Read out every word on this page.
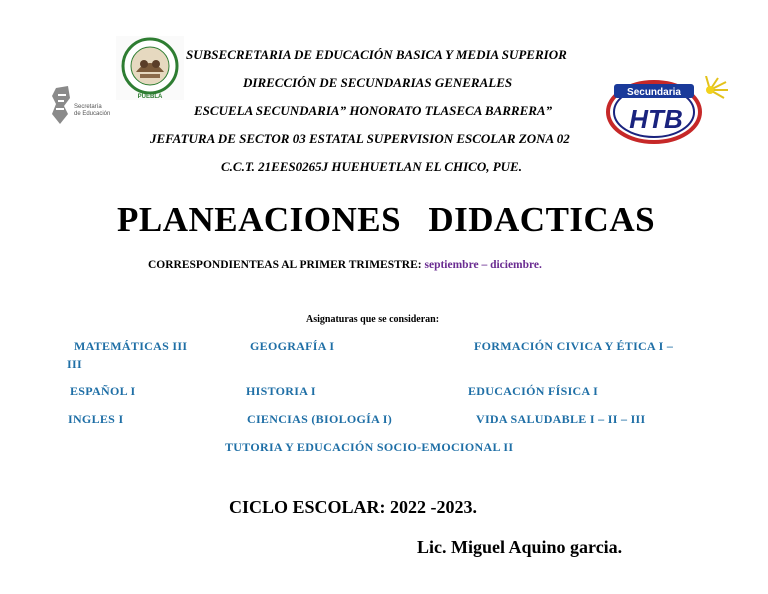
Secretaría
de Educación
PUEBLA	Secundaria
HTB
SUBSECRETARIA DE EDUCACIÓN BASICA Y MEDIA SUPERIOR
DIRECCIÓN DE SECUNDARIAS GENERALES
ESCUELA SECUNDARIA” HONORATO TLASECA BARRERA”
JEFATURA DE SECTOR 03 ESTATAL SUPERVISION ESCOLAR ZONA 02
C.C.T. 21EES0265J HUEHUETLAN EL CHICO, PUE.
PLANEACIONES DIDACTICAS
CORRESPONDIENTEAS AL PRIMER TRIMESTRE: septiembre – diciembre.
Asignaturas que se consideran:
MATEMÁTICAS III	GEOGRAFÍA I	FORMACIÓN CIVICA Y ÉTICA I –
III
ESPAÑOL I	HISTORIA I	EDUCACIÓN FÍSICA I
INGLES I	CIENCIAS (BIOLOGÍA I)	VIDA SALUDABLE I – II – III
TUTORIA Y EDUCACIÓN SOCIO-EMOCIONAL II
CICLO ESCOLAR: 2022 -2023.
Lic. Miguel Aquino garcia.
